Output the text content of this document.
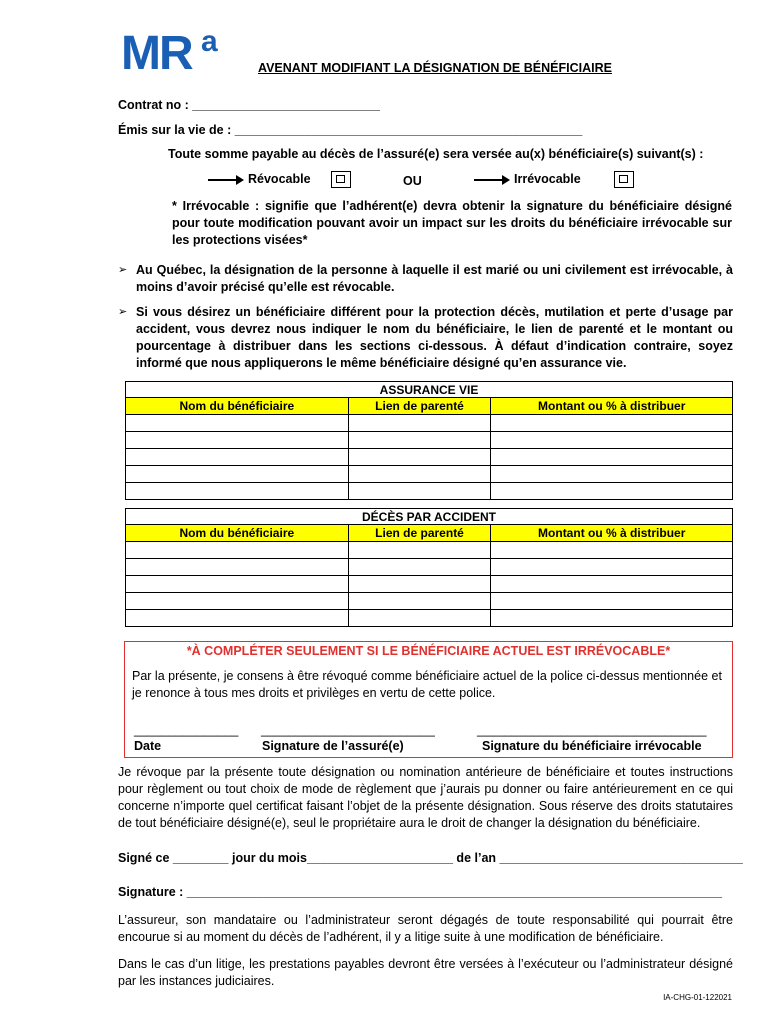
MR a
AVENANT MODIFIANT LA DÉSIGNATION DE BÉNÉFICIAIRE
Contrat no : ___________________________
Émis sur la vie de : __________________________________________________
Toute somme payable au décès de l’assuré(e) sera versée au(x) bénéficiaire(s) suivant(s) :
Révocable
	OU	Irrévocable
* Irrévocable : signifie que l’adhérent(e) devra obtenir la signature du bénéficiaire désigné pour toute modification pouvant avoir un impact sur les droits du bénéficiaire irrévocable sur les protections visées*
➢ Au Québec, la désignation de la personne à laquelle il est marié ou uni civilement est irrévocable, à moins d’avoir précisé qu’elle est révocable.
➢ Si vous désirez un bénéficiaire différent pour la protection décès, mutilation et perte d’usage par accident, vous devrez nous indiquer le nom du bénéficiaire, le lien de parenté et le montant ou pourcentage à distribuer dans les sections ci-dessous. À défaut d’indication contraire, soyez informé que nous appliquerons le même bénéficiaire désigné qu’en assurance vie.
ASSURANCE VIE		
Nom du bénéficiaire	Lien de parenté	Montant ou % à distribuer

DÉCÈS PAR ACCIDENT		
Nom du bénéficiaire	Lien de parenté	Montant ou % à distribuer

*À COMPLÉTER SEULEMENT SI LE BÉNÉFICIAIRE ACTUEL EST IRRÉVOCABLE*
Par la présente, je consens à être révoqué comme bénéficiaire actuel de la police ci-dessus mentionnée et je renonce à tous mes droits et privilèges en vertu de cette police.
_______________ _________________________	_________________________________
Date	Signature de l’assuré(e)	Signature du bénéficiaire irrévocable
Je révoque par la présente toute désignation ou nomination antérieure de bénéficiaire et toutes instructions pour règlement ou tout choix de mode de règlement que j’aurais pu donner ou faire antérieurement en ce qui concerne n’importe quel certificat faisant l’objet de la présente désignation. Sous réserve des droits statutaires de tout bénéficiaire désigné(e), seul le propriétaire aura le droit de changer la désignation du bénéficiaire.
Signé ce ________ jour du mois_____________________ de l’an ___________________________________
Signature : _____________________________________________________________________________
L’assureur, son mandataire ou l’administrateur seront dégagés de toute responsabilité qui pourrait être encourue si au moment du décès de l’adhérent, il y a litige suite à une modification de bénéficiaire.
Dans le cas d’un litige, les prestations payables devront être versées à l’exécuteur ou l’administrateur désigné par les instances judiciaires.
IA-CHG-01-122021
